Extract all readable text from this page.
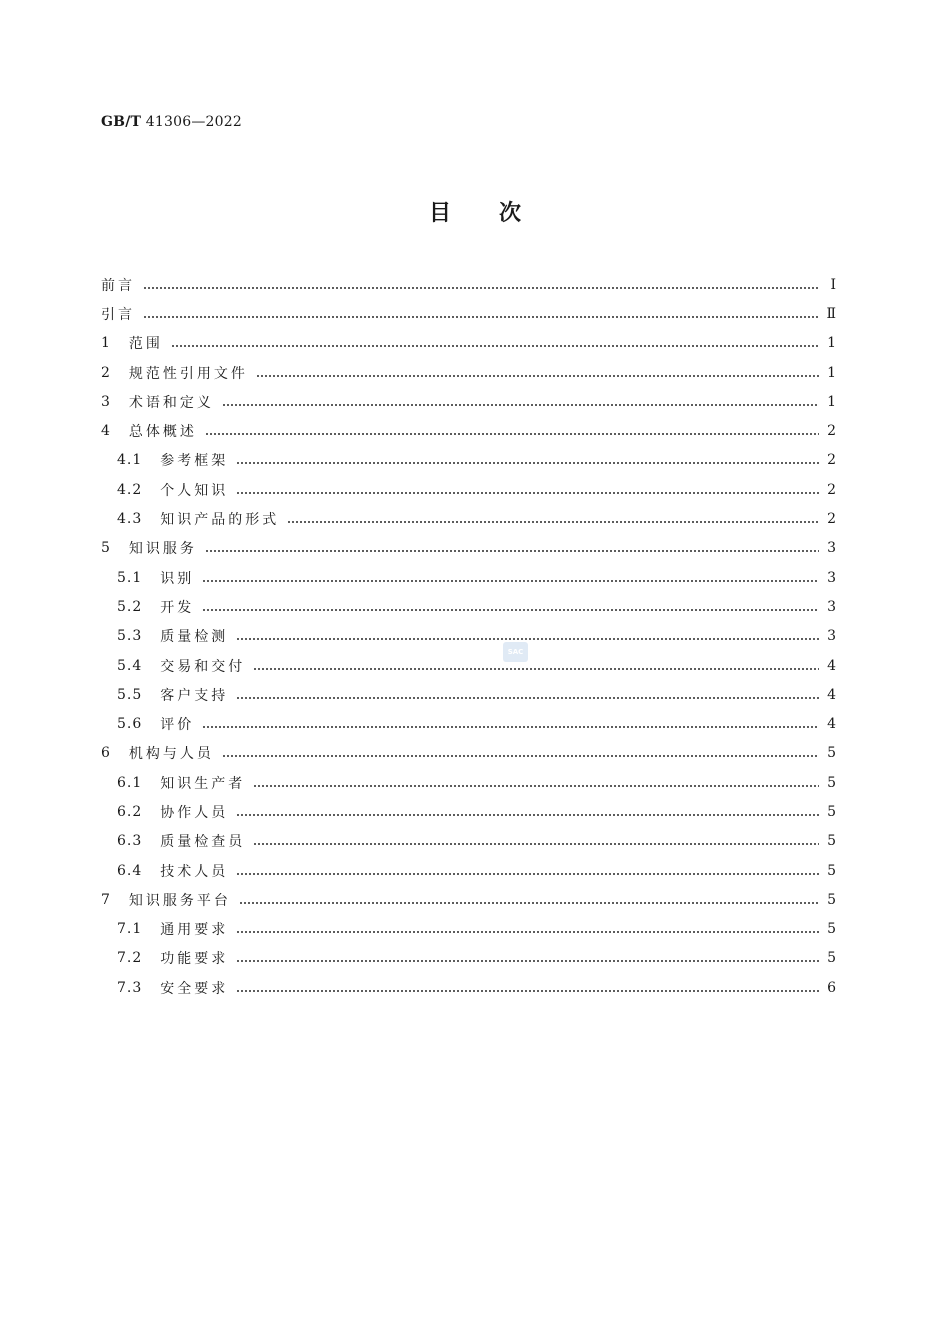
GB/T 41306—2022
目次
前言	Ⅰ
引言	Ⅱ
1 范围	1
2 规范性引用文件	1
3 术语和定义	1
4 总体概述	2
4.1 参考框架	2
4.2 个人知识	2
4.3 知识产品的形式	2
5 知识服务	3
5.1 识别	3
5.2 开发	3
5.3 质量检测	3
5.4 交易和交付	4
5.5 客户支持	4
5.6 评价	4
6 机构与人员	5
6.1 知识生产者	5
6.2 协作人员	5
6.3 质量检查员	5
6.4 技术人员	5
7 知识服务平台	5
7.1 通用要求	5
7.2 功能要求	5
7.3 安全要求	6
SAC
